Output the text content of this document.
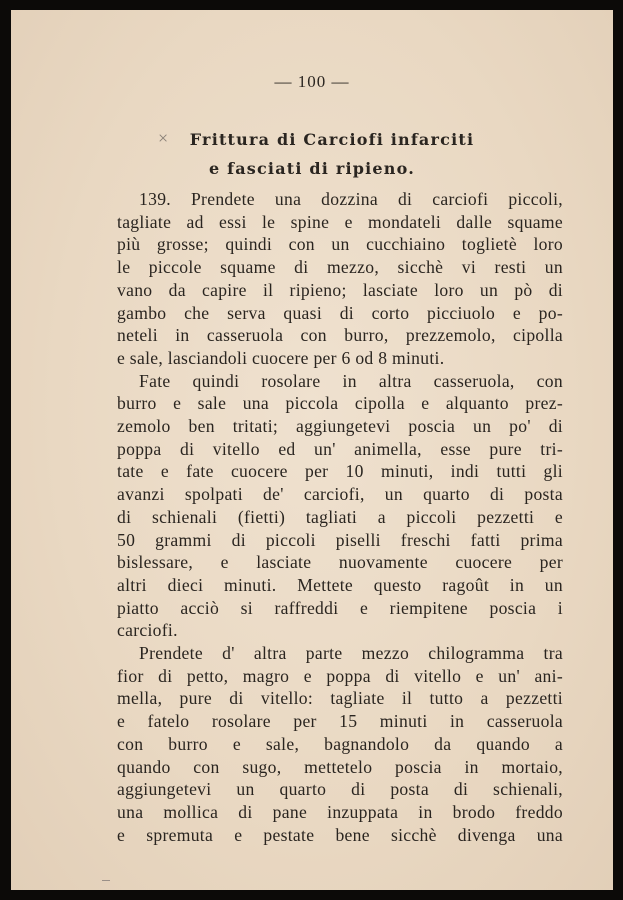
— 100 —
×	Frittura di Carciofi infarciti
e fasciati di ripieno.
139. Prendete una dozzina di carciofi piccoli,
tagliate ad essi le spine e mondateli dalle squame
più grosse; quindi con un cucchiaino toglietè loro
le piccole squame di mezzo, sicchè vi resti un
vano da capire il ripieno; lasciate loro un pò di
gambo che serva quasi di corto picciuolo e po-
neteli in casseruola con burro, prezzemolo, cipolla
e sale, lasciandoli cuocere per 6 od 8 minuti.
Fate quindi rosolare in altra casseruola, con
burro e sale una piccola cipolla e alquanto prez-
zemolo ben tritati; aggiungetevi poscia un po' di
poppa di vitello ed un' animella, esse pure tri-
tate e fate cuocere per 10 minuti, indi tutti gli
avanzi spolpati de' carciofi, un quarto di posta
di schienali (fietti) tagliati a piccoli pezzetti e
50 grammi di piccoli piselli freschi fatti prima
bislessare, e lasciate nuovamente cuocere per
altri dieci minuti. Mettete questo ragoût in un
piatto acciò si raffreddi e riempitene poscia i
carciofi.
Prendete d' altra parte mezzo chilogramma tra
fior di petto, magro e poppa di vitello e un' ani-
mella, pure di vitello: tagliate il tutto a pezzetti
e fatelo rosolare per 15 minuti in casseruola
con burro e sale, bagnandolo da quando a
quando con sugo, mettetelo poscia in mortaio,
aggiungetevi un quarto di posta di schienali,
una mollica di pane inzuppata in brodo freddo
e spremuta e pestate bene sicchè divenga una
